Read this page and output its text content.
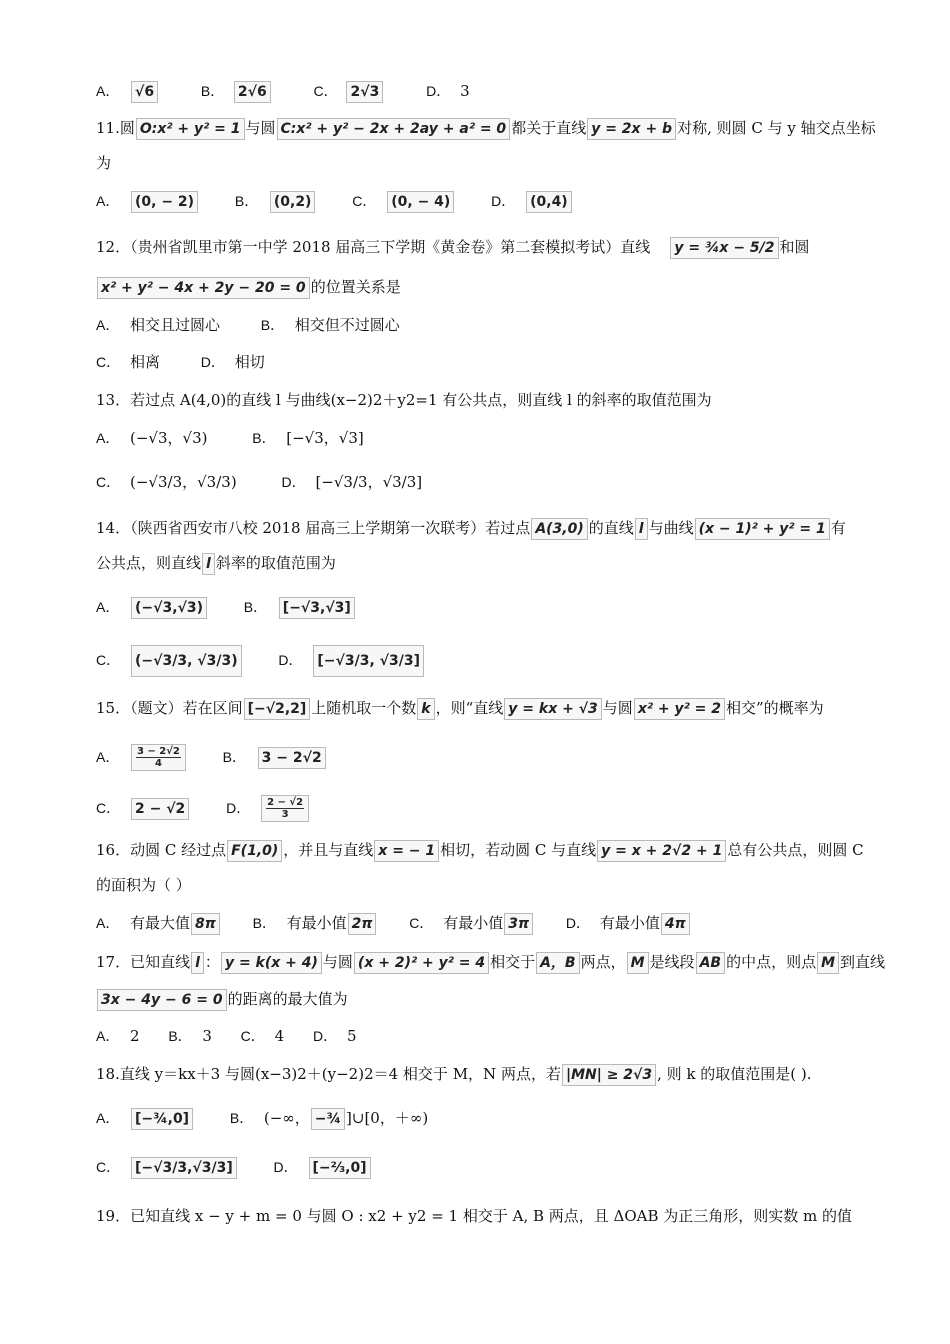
A． √6	B． 2√6	C． 2√3	D． 3
11.圆 O:x² + y² = 1 与圆 C:x² + y² − 2x + 2ay + a² = 0 都关于直线 y = 2x + b 对称, 则圆 C 与 y 轴交点坐标
为
A． (0, − 2)	B． (0,2)	C． (0, − 4)	D． (0,4)
12．（贵州省凯里市第一中学 2018 届高三下学期《黄金卷》第二套模拟考试）直线 y = ¾x − 5/2 和圆
x² + y² − 4x + 2y − 20 = 0 的位置关系是
A． 相交且过圆心	B． 相交但不过圆心
C． 相离	D． 相切
13．若过点 A(4,0)的直线 l 与曲线(x−2)2＋y2=1 有公共点，则直线 l 的斜率的取值范围为
A． (−√3，√3)	B． [−√3，√3]
C． (−√3/3，√3/3)	D． [−√3/3，√3/3]
14．（陕西省西安市八校 2018 届高三上学期第一次联考）若过点 A(3,0) 的直线 l 与曲线 (x − 1)² + y² = 1 有
公共点，则直线 l 斜率的取值范围为
A． (−√3,√3)	B． [−√3,√3]
C． (−√3/3, √3/3)	D． [−√3/3, √3/3]
15．（题文）若在区间 [−√2,2] 上随机取一个数 k ，则“直线 y = kx + √3 与圆 x² + y² = 2 相交”的概率为
A． $\frac{3 - 2√2}{4}$	B． 3 − 2√2
C． 2 − √2	D． $\frac{2 - √2}{3}$
16．动圆 C 经过点 F(1,0) ，并且与直线 x = − 1 相切，若动圆 C 与直线 y = x + 2√2 + 1 总有公共点，则圆 C
的面积为（ ）
A． 有最大值 8π	B． 有最小值 2π	C． 有最小值 3π	D． 有最小值 4π
17．已知直线 l ： y = k(x + 4) 与圆 (x + 2)² + y² = 4 相交于 A，B 两点， M 是线段 AB 的中点，则点 M 到直线
3x − 4y − 6 = 0 的距离的最大值为
A． 2 B． 3 C． 4 D． 5
18.直线 y＝kx＋3 与圆(x−3)2＋(y−2)2＝4 相交于 M，N 两点，若 |MN| ≥ 2√3 , 则 k 的取值范围是( ).
A． [−¾,0]	B． (−∞， −¾ ]∪[0，＋∞)
C． [−√3/3,√3/3]	D． [−⅔,0]
19．已知直线 x − y + m = 0 与圆 O : x2 + y2 = 1 相交于 A, B 两点，且 ΔOAB 为正三角形，则实数 m 的值
